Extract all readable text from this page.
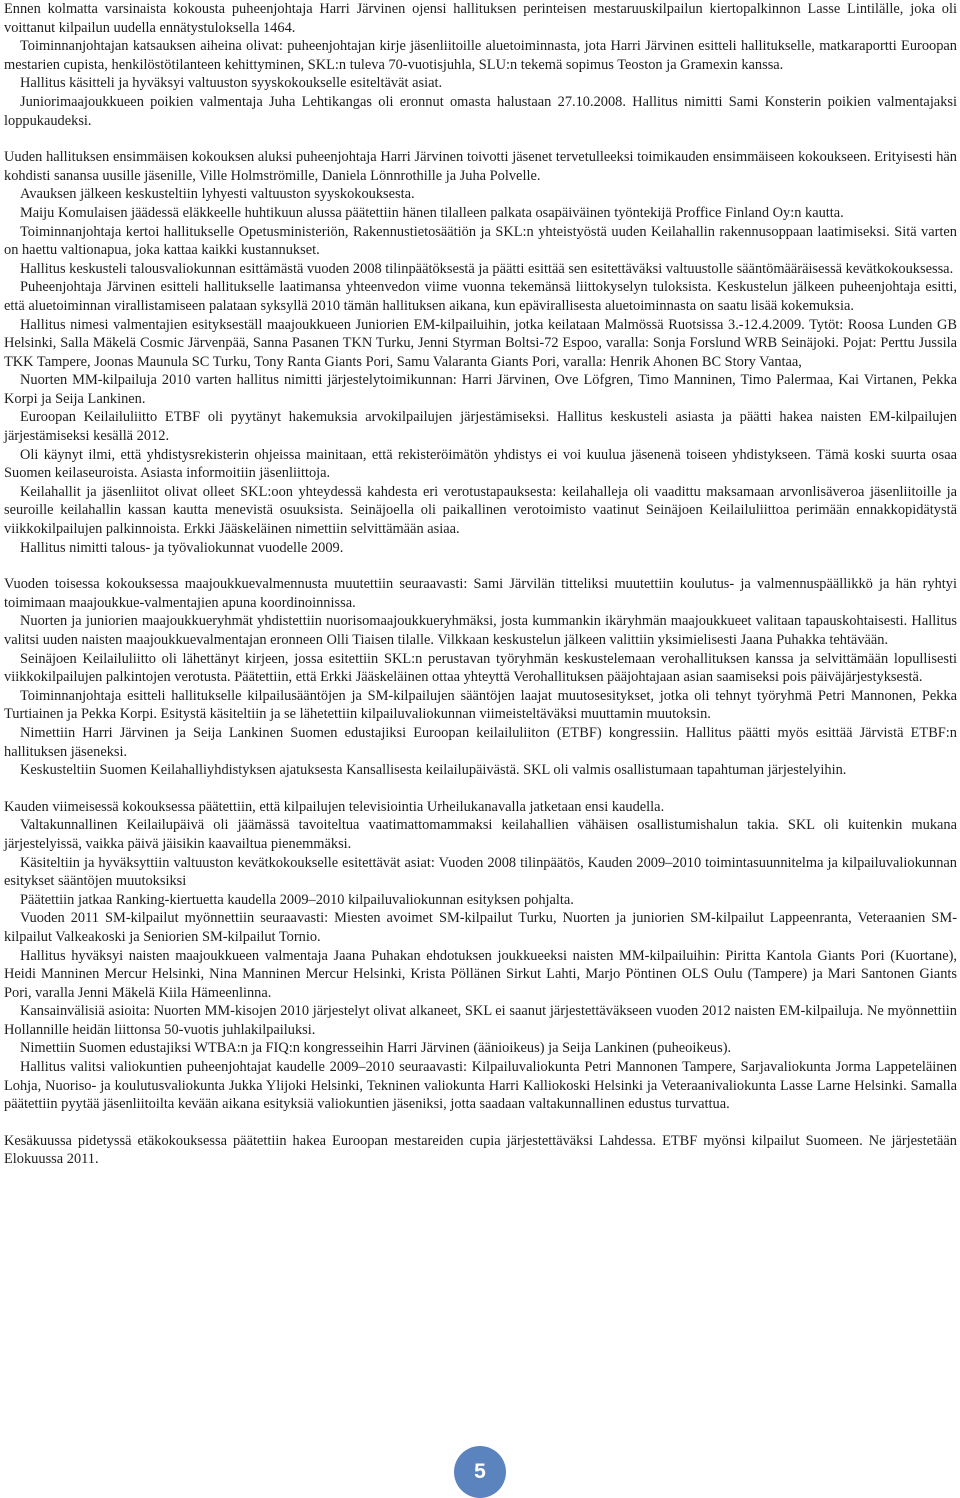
Ennen kolmatta varsinaista kokousta puheenjohtaja Harri Järvinen ojensi hallituksen perinteisen mestaruuskilpailun kiertopalkinnon Lasse Lintilälle, joka oli voittanut kilpailun uudella ennätystuloksella 1464.

Toiminnanjohtajan katsauksen aiheina olivat: puheenjohtajan kirje jäsenliitoille aluetoiminnasta, jota Harri Järvinen esitteli hallitukselle, matkaraportti Euroopan mestarien cupista, henkilöstötilanteen kehittyminen, SKL:n tuleva 70-vuotisjuhla, SLU:n tekemä sopimus Teoston ja Gramexin kanssa.

Hallitus käsitteli ja hyväksyi valtuuston syyskokoukselle esiteltävät asiat.

Juniorimaajoukkueen poikien valmentaja Juha Lehtikangas oli eronnut omasta halustaan 27.10.2008. Hallitus nimitti Sami Konsterin poikien valmentajaksi loppukaudeksi.

Uuden hallituksen ensimmäisen kokouksen aluksi puheenjohtaja Harri Järvinen toivotti jäsenet tervetulleeksi toimikauden ensimmäiseen kokoukseen. Erityisesti hän kohdisti sanansa uusille jäsenille, Ville Holmströmille, Daniela Lönnrothille ja Juha Polvelle.

Avauksen jälkeen keskusteltiin lyhyesti valtuuston syyskokouksesta.

Maiju Komulaisen jäädessä eläkkeelle huhtikuun alussa päätettiin hänen tilalleen palkata osapäiväinen työntekijä Proffice Finland Oy:n kautta.

Toiminnanjohtaja kertoi hallitukselle Opetusministeriön, Rakennustietosäätiön ja SKL:n yhteistyöstä uuden Keilahallin rakennusoppaan laatimiseksi. Sitä varten on haettu valtionapua, joka kattaa kaikki kustannukset.

Hallitus keskusteli talousvaliokunnan esittämästä vuoden 2008 tilinpäätöksestä ja päätti esittää sen esitettäväksi valtuustolle sääntömääräisessä kevätkokouksessa.

Puheenjohtaja Järvinen esitteli hallitukselle laatimansa yhteenvedon viime vuonna tekemänsä liittokyselyn tuloksista. Keskustelun jälkeen puheenjohtaja esitti, että aluetoiminnan virallistamiseen palataan syksyllä 2010 tämän hallituksen aikana, kun epävirallisesta aluetoiminnasta on saatu lisää kokemuksia.

Hallitus nimesi valmentajien esitykseställ maajoukkueen Juniorien EM-kilpailuihin, jotka keilataan Malmössä Ruotsissa 3.-12.4.2009. Tytöt: Roosa Lunden GB Helsinki, Salla Mäkelä Cosmic Järvenpää, Sanna Pasanen TKN Turku, Jenni Styrman Boltsi-72 Espoo, varalla: Sonja Forslund WRB Seinäjoki. Pojat: Perttu Jussila TKK Tampere, Joonas Maunula SC Turku, Tony Ranta Giants Pori, Samu Valaranta Giants Pori, varalla: Henrik Ahonen BC Story Vantaa,

Nuorten MM-kilpailuja 2010 varten hallitus nimitti järjestelytoimikunnan: Harri Järvinen, Ove Löfgren, Timo Manninen, Timo Palermaa, Kai Virtanen, Pekka Korpi ja Seija Lankinen.

Euroopan Keilailuliitto ETBF oli pyytänyt hakemuksia arvokilpailujen järjestämiseksi. Hallitus keskusteli asiasta ja päätti hakea naisten EM-kilpailujen järjestämiseksi kesällä 2012.

Oli käynyt ilmi, että yhdistysrekisterin ohjeissa mainitaan, että rekisteröimätön yhdistys ei voi kuulua jäsenenä toiseen yhdistykseen. Tämä koski suurta osaa Suomen keilaseuroista. Asiasta informoitiin jäsenliittoja.

Keilahallit ja jäsenliitot olivat olleet SKL:oon yhteydessä kahdesta eri verotustapauksesta: keilahalleja oli vaadittu maksamaan arvonlisäveroa jäsenliitoille ja seuroille keilahallin kassan kautta menevistä osuuksista. Seinäjoella oli paikallinen verotoimisto vaatinut Seinäjoen Keilailuliittoa perimään ennakkopidätystä viikkokilpailujen palkinnoista. Erkki Jääskeläinen nimettiin selvittämään asiaa.

Hallitus nimitti talous- ja työvaliokunnat vuodelle 2009.

Vuoden toisessa kokouksessa maajoukkuevalmennusta muutettiin seuraavasti: Sami Järvilän titteliksi muutettiin koulutus- ja valmennuspäällikkö ja hän ryhtyi toimimaan maajoukkue-valmentajien apuna koordinoinnissa.

Nuorten ja juniorien maajoukkueryhmät yhdistettiin nuorisomaajoukkueryhmäksi, josta kummankin ikäryhmän maajoukkueet valitaan tapauskohtaisesti. Hallitus valitsi uuden naisten maajoukkuevalmentajan eronneen Olli Tiaisen tilalle. Vilkkaan keskustelun jälkeen valittiin yksimielisesti Jaana Puhakka tehtävään.

Seinäjoen Keilailuliitto oli lähettänyt kirjeen, jossa esitettiin SKL:n perustavan työryhmän keskustelemaan verohallituksen kanssa ja selvittämään lopullisesti viikkokilpailujen palkintojen verotusta. Päätettiin, että Erkki Jääskeläinen ottaa yhteyttä Verohallituksen pääjohtajaan asian saamiseksi pois päiväjärjestyksestä.

Toiminnanjohtaja esitteli hallitukselle kilpailusääntöjen ja SM-kilpailujen sääntöjen laajat muutosesitykset, jotka oli tehnyt työryhmä Petri Mannonen, Pekka Turtiainen ja Pekka Korpi. Esitystä käsiteltiin ja se lähetettiin kilpailuvaliokunnan viimeisteltäväksi muuttamin muutoksin.

Nimettiin Harri Järvinen ja Seija Lankinen Suomen edustajiksi Euroopan keilailuliiton (ETBF) kongressiin. Hallitus päätti myös esittää Järvistä ETBF:n hallituksen jäseneksi.

Keskusteltiin Suomen Keilahalliyhdistyksen ajatuksesta Kansallisesta keilailupäivästä. SKL oli valmis osallistumaan tapahtuman järjestelyihin.

Kauden viimeisessä kokouksessa päätettiin, että kilpailujen televisiointia Urheilukanavalla jatketaan ensi kaudella.

Valtakunnallinen Keilailupäivä oli jäämässä tavoiteltua vaatimattomammaksi keilahallien vähäisen osallistumishalun takia. SKL oli kuitenkin mukana järjestelyissä, vaikka päivä jäisikin kaavailtua pienemmäksi.

Käsiteltiin ja hyväksyttiin valtuuston kevätkokoukselle esitettävät asiat: Vuoden 2008 tilinpäätös, Kauden 2009–2010 toimintasuunnitelma ja kilpailuvaliokunnan esitykset sääntöjen muutoksiksi

Päätettiin jatkaa Ranking-kiertuetta kaudella 2009–2010 kilpailuvaliokunnan esityksen pohjalta.

Vuoden 2011 SM-kilpailut myönnettiin seuraavasti: Miesten avoimet SM-kilpailut Turku, Nuorten ja juniorien SM-kilpailut Lappeenranta, Veteraanien SM-kilpailut Valkeakoski ja Seniorien SM-kilpailut Tornio.

Hallitus hyväksyi naisten maajoukkueen valmentaja Jaana Puhakan ehdotuksen joukkueeksi naisten MM-kilpailuihin: Piritta Kantola Giants Pori (Kuortane), Heidi Manninen Mercur Helsinki, Nina Manninen Mercur Helsinki, Krista Pöllänen Sirkut Lahti, Marjo Pöntinen OLS Oulu (Tampere) ja Mari Santonen Giants Pori, varalla Jenni Mäkelä Kiila Hämeenlinna.

Kansainvälisiä asioita: Nuorten MM-kisojen 2010 järjestelyt olivat alkaneet, SKL ei saanut järjestettäväkseen vuoden 2012 naisten EM-kilpailuja. Ne myönnettiin Hollannille heidän liittonsa 50-vuotis juhlakilpailuksi.

Nimettiin Suomen edustajiksi WTBA:n ja FIQ:n kongresseihin Harri Järvinen (äänioikeus) ja Seija Lankinen (puheoikeus).

Hallitus valitsi valiokuntien puheenjohtajat kaudelle 2009–2010 seuraavasti: Kilpailuvaliokunta Petri Mannonen Tampere, Sarjavaliokunta Jorma Lappeteläinen Lohja, Nuoriso- ja koulutusvaliokunta Jukka Ylijoki Helsinki, Tekninen valiokunta Harri Kalliokoski Helsinki ja Veteraanivaliokunta Lasse Larne Helsinki. Samalla päätettiin pyytää jäsenliitoilta kevään aikana esityksiä valiokuntien jäseniksi, jotta saadaan valtakunnallinen edustus turvattua.

Kesäkuussa pidetyssä etäkokouksessa päätettiin hakea Euroopan mestareiden cupia järjestettäväksi Lahdessa. ETBF myönsi kilpailut Suomeen. Ne järjestetään Elokuussa 2011.

5
